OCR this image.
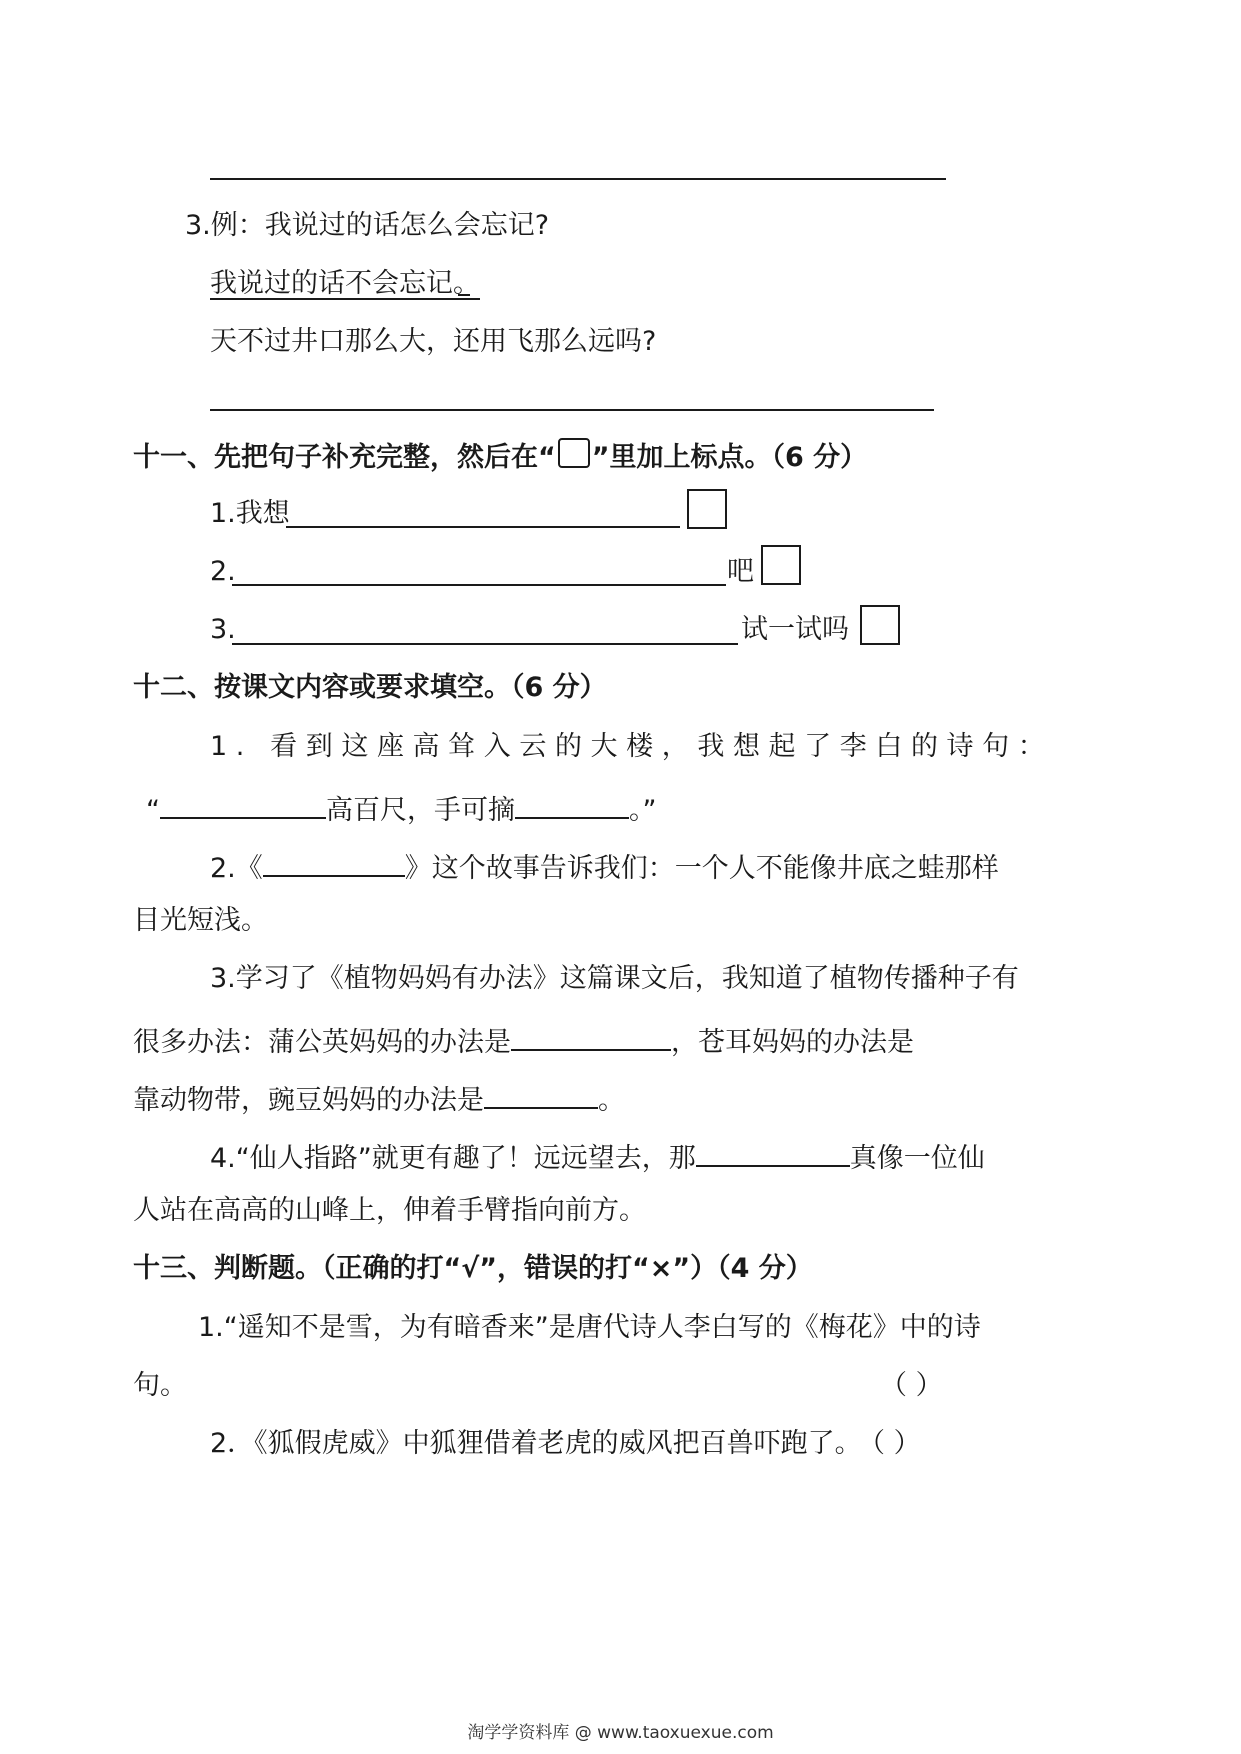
3.例：我说过的话怎么会忘记?
我说过的话不会忘记。
天不过井口那么大，还用飞那么远吗?
十一、先把句子补充完整，然后在“ ”里加上标点。（6 分）
1.我想
2.	吧
3.	试一试吗
十二、按课文内容或要求填空。（6 分）
1. 看到这座高耸入云的大楼，我想起了李白的诗句：
“	高百尺，手可摘	。”
2.《	》这个故事告诉我们：一个人不能像井底之蛙那样
目光短浅。
3.学习了《植物妈妈有办法》这篇课文后，我知道了植物传播种子有
很多办法：蒲公英妈妈的办法是	，苍耳妈妈的办法是
靠动物带，豌豆妈妈的办法是	。
4.“仙人指路”就更有趣了！远远望去，那	真像一位仙
人站在高高的山峰上，伸着手臂指向前方。
十三、判断题。（正确的打“√”，错误的打“×”）（4 分）
1.“遥知不是雪，为有暗香来”是唐代诗人李白写的《梅花》中的诗
句。	（ ）
2．《狐假虎威》中狐狸借着老虎的威风把百兽吓跑了。
（ ）
淘学学资料库 @ www.taoxuexue.com
